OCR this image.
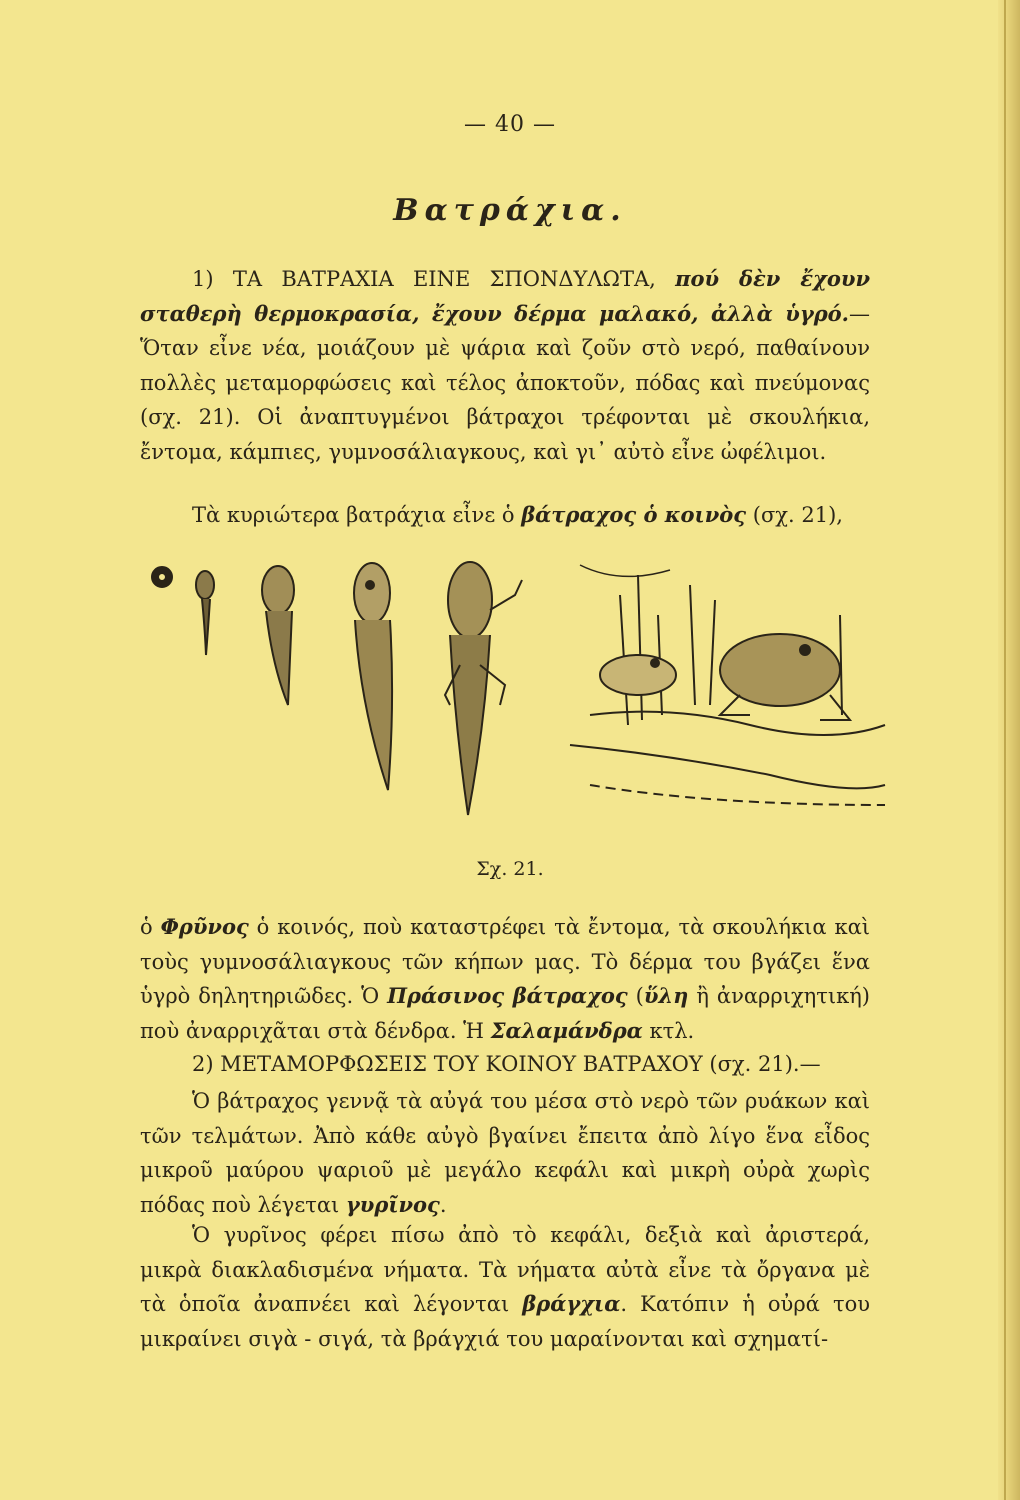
— 40 —
Βατράχια.
1) ΤΑ ΒΑΤΡΑΧΙΑ ΕΙΝΕ ΣΠΟΝΔΥΛΩΤΑ, πού δὲν ἔχουν σταθερὴ θερμοκρασία, ἔχουν δέρμα μαλακό, ἀλλὰ ὑγρό.— Ὅταν εἶνε νέα, μοιάζουν μὲ ψάρια καὶ ζοῦν στὸ νερό, παθαίνουν πολλὲς μεταμορφώσεις καὶ τέλος ἀποκτοῦν, πόδας καὶ πνεύμονας (σχ. 21). Οἱ ἀναπτυγμένοι βάτραχοι τρέφονται μὲ σκουλήκια, ἔντομα, κάμπιες, γυμνοσάλιαγκους, καὶ γι᾽ αὐτὸ εἶνε ὠφέλιμοι.
Τὰ κυριώτερα βατράχια εἶνε ὁ βάτραχος ὁ κοινὸς (σχ. 21),
Σχ. 21.
ὁ Φρῦνος ὁ κοινός, ποὺ καταστρέφει τὰ ἔντομα, τὰ σκουλήκια καὶ τοὺς γυμνοσάλιαγκους τῶν κήπων μας. Τὸ δέρμα του βγάζει ἕνα ὑγρὸ δηλητηριῶδες. Ὁ Πράσινος βάτραχος (ὕλη ἢ ἀναρριχητική) ποὺ ἀναρριχᾶται στὰ δένδρα. Ἡ Σαλαμάνδρα κτλ.
2) ΜΕΤΑΜΟΡΦΩΣΕΙΣ ΤΟΥ ΚΟΙΝΟΥ ΒΑΤΡΑΧΟΥ (σχ. 21).—
Ὁ βάτραχος γεννᾷ τὰ αὐγά του μέσα στὸ νερὸ τῶν ρυάκων καὶ τῶν τελμάτων. Ἀπὸ κάθε αὐγὸ βγαίνει ἔπειτα ἀπὸ λίγο ἕνα εἶδος μικροῦ μαύρου ψαριοῦ μὲ μεγάλο κεφάλι καὶ μικρὴ οὐρὰ χωρὶς πόδας ποὺ λέγεται γυρῖνος.
Ὁ γυρῖνος φέρει πίσω ἀπὸ τὸ κεφάλι, δεξιὰ καὶ ἀριστερά, μικρὰ διακλαδισμένα νήματα. Τὰ νήματα αὐτὰ εἶνε τὰ ὄργανα μὲ τὰ ὁποῖα ἀναπνέει καὶ λέγονται βράγχια. Κατόπιν ἡ οὐρά του μικραίνει σιγὰ - σιγά, τὰ βράγχιά του μαραίνονται καὶ σχηματί-
